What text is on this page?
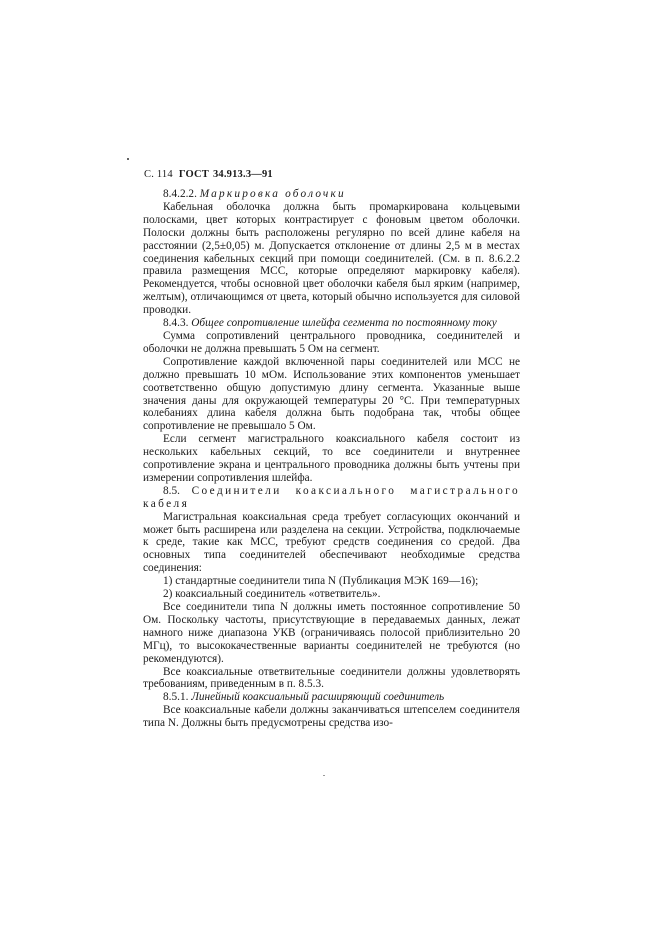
С. 114 ГОСТ 34.913.3—91

8.4.2.2. Маркировка оболочки

Кабельная оболочка должна быть промаркирована кольцевыми полосками, цвет которых контрастирует с фоновым цветом оболочки. Полоски должны быть расположены регулярно по всей длине кабеля на расстоянии (2,5±0,05) м. Допускается отклонение от длины 2,5 м в местах соединения кабельных секций при помощи соединителей. (См. в п. 8.6.2.2 правила размещения МСС, которые определяют маркировку кабеля). Рекомендуется, чтобы основной цвет оболочки кабеля был ярким (например, желтым), отличающимся от цвета, который обычно используется для силовой проводки.

8.4.3. Общее сопротивление шлейфа сегмента по постоянному току

Сумма сопротивлений центрального проводника, соединителей и оболочки не должна превышать 5 Ом на сегмент.

Сопротивление каждой включенной пары соединителей или МСС не должно превышать 10 мОм. Использование этих компонентов уменьшает соответственно общую допустимую длину сегмента. Указанные выше значения даны для окружающей температуры 20 °С. При температурных колебаниях длина кабеля должна быть подобрана так, чтобы общее сопротивление не превышало 5 Ом.

Если сегмент магистрального коаксиального кабеля состоит из нескольких кабельных секций, то все соединители и внутреннее сопротивление экрана и центрального проводника должны быть учтены при измерении сопротивления шлейфа.

8.5. Соединители коаксиального магистрального кабеля

Магистральная коаксиальная среда требует согласующих окончаний и может быть расширена или разделена на секции. Устройства, подключаемые к среде, такие как МСС, требуют средств соединения со средой. Два основных типа соединителей обеспечивают необходимые средства соединения:

1) стандартные соединители типа N (Публикация МЭК 169—16);

2) коаксиальный соединитель «ответвитель».

Все соединители типа N должны иметь постоянное сопротивление 50 Ом. Поскольку частоты, присутствующие в передаваемых данных, лежат намного ниже диапазона УКВ (ограничиваясь полосой приблизительно 20 МГц), то высококачественные варианты соединителей не требуются (но рекомендуются).

Все коаксиальные ответвительные соединители должны удовлетворять требованиям, приведенным в п. 8.5.3.

8.5.1. Линейный коаксиальный расширяющий соединитель

Все коаксиальные кабели должны заканчиваться штепселем соединителя типа N. Должны быть предусмотрены средства изо-
